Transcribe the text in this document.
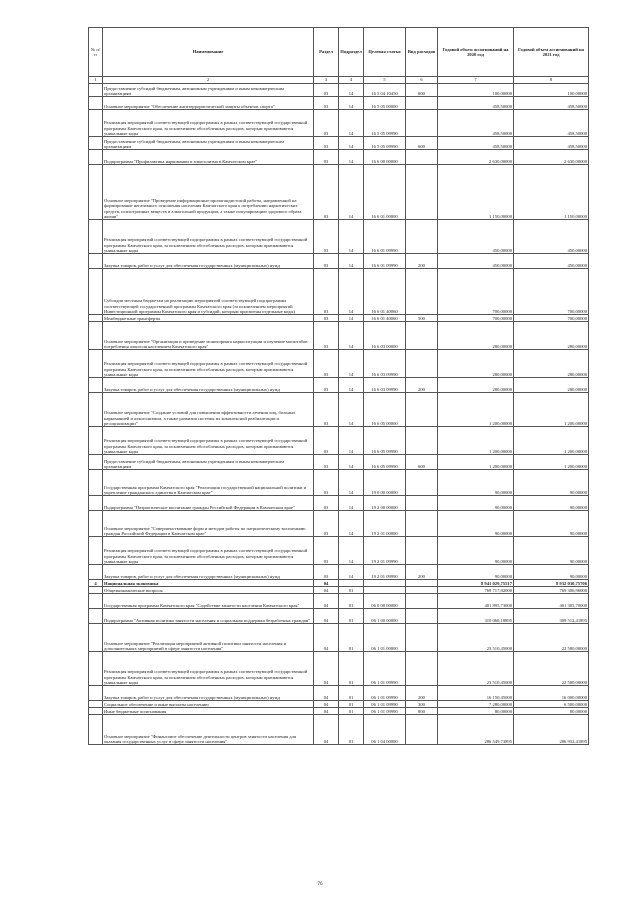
№ п/п	Наименование	Раздел	Подраздел	Целевая статья	Вид расходов	Годовой объем ассигнований на 2020 год	Годовой объем ассигнований на 2021 год
1	2	3	4	5	6	7	8
	Предоставление субсидий бюджетным, автономным учреждениям и иным некоммерческим организациям	03	14	16 5 04 10450	600	100,00000	100,00000
	Основное мероприятие "Обеспечение антитеррористической защиты объектов спорта"	03	14	16 5 05 00000		458,50000	458,50000
	Реализация мероприятий соответствующей подпрограммы в рамках соответствующей государственной программы Камчатского края, за исключением обособленных расходов, которым присваиваются уникальные коды	03	14	16 5 05 09990		458,50000	458,50000
	Предоставление субсидий бюджетным, автономным учреждениям и иным некоммерческим организациям	03	14	16 5 05 09990	600	458,50000	458,50000
	Подпрограмма "Профилактика наркомании и алкоголизма в Камчатском крае"	03	14	16 6 00 00000		2 630,00000	2 630,00000
	Основное мероприятие "Проведение информационно-пропагандистской работы, направленной на формирование негативного отношения населения Камчатского края к потреблению наркотических средств, психотропных веществ и алкогольной продукции, а также популяризацию здорового образа жизни"	03	14	16 6 01 00000		1 150,00000	1 150,00000
	Реализация мероприятий соответствующей подпрограммы в рамках соответствующей государственной программы Камчатского края, за исключением обособленных расходов, которым присваиваются уникальные коды	03	14	16 6 01 09990		450,00000	450,00000
	Закупка товаров, работ и услуг для обеспечения государственных (муниципальных) нужд	03	14	16 6 01 09990	200	450,00000	450,00000
	Субсидии местным бюджетам на реализацию мероприятий соответствующей подпрограммы соответствующей государственной программы Камчатского края (за исключением мероприятий Инвестиционной программы Камчатского края и субсидий, которым присвоены отдельные коды)	03	14	16 6 01 40060		700,00000	700,00000
	Межбюджетные трансферты	03	14	16 6 01 40060	500	700,00000	700,00000
	Основное мероприятие "Организация и проведение мониторинга наркоситуации и изучение масштабов потребления алкоголя населением Камчатского края"	03	14	16 6 03 00000		280,00000	280,00000
	Реализация мероприятий соответствующей подпрограммы в рамках соответствующей государственной программы Камчатского края, за исключением обособленных расходов, которым присваиваются уникальные коды	03	14	16 6 03 09990		280,00000	280,00000
	Закупка товаров, работ и услуг для обеспечения государственных (муниципальных) нужд	03	14	16 6 03 09990	200	280,00000	280,00000
	Основное мероприятие "Создание условий для повышения эффективности лечения лиц, больных наркоманией и алкоголизмом, а также развития системы их комплексной реабилитации и ресоциализации"	03	14	16 6 05 00000		1 200,00000	1 200,00000
	Реализация мероприятий соответствующей подпрограммы в рамках соответствующей государственной программы Камчатского края, за исключением обособленных расходов, которым присваиваются уникальные коды	03	14	16 6 05 09990		1 200,00000	1 200,00000
	Предоставление субсидий бюджетным, автономным учреждениям и иным некоммерческим организациям	03	14	16 6 05 09990	600	1 200,00000	1 200,00000
	Государственная программа Камчатского края "Реализация государственной национальной политики и укрепление гражданского единства в Камчатском крае"	03	14	19 0 00 00000		90,00000	90,00000
	Подпрограмма "Патриотическое воспитание граждан Российской Федерации в Камчатском крае"	03	14	19 2 00 00000		90,00000	90,00000
	Основное мероприятие "Совершенствование форм и методов работы по патриотическому воспитанию граждан Российской Федерации в Камчатском крае"	03	14	19 2 01 00000		90,00000	90,00000
	Реализация мероприятий соответствующей подпрограммы в рамках соответствующей государственной программы Камчатского края, за исключением обособленных расходов, которым присваиваются уникальные коды	03	14	19 2 01 09990		90,00000	90,00000
	Закупка товаров, работ и услуг для обеспечения государственных (муниципальных) нужд	03	14	19 2 01 09990	200	90,00000	90,00000
4	Национальная экономика	04				8 941 029,75517	8 932 030,75706
	Общеэкономические вопросы	04	01			769 717,82000	769 306,96000
	Государственная программа Камчатского края "Содействие занятости населения Камчатского края"	04	01	06 0 00 00000		401 895,73000	401 305,70000
	Подпрограмма "Активная политика занятости населения и социальная поддержка безработных граждан"	04	01	06 1 00 00000		310 060,18895	309 512,41895
	Основное мероприятие "Реализация мероприятий активной политики занятости населения и дополнительных мероприятий в сфере занятости населения"	04	01	06 1 01 00000		23 510,45000	22 580,00000
	Реализация мероприятий соответствующей подпрограммы в рамках соответствующей государственной программы Камчатского края, за исключением обособленных расходов, которым присваиваются уникальные коды	04	01	06 1 01 09990		23 510,45000	22 580,00000
	Закупка товаров, работ и услуг для обеспечения государственных (муниципальных) нужд	04	01	06 1 01 09990	200	16 150,45000	16 000,00000
	Социальное обеспечение и иные выплаты населению	04	01	06 1 01 09990	300	7 280,00000	6 500,00000
	Иные бюджетные ассигнования	04	01	06 1 01 09990	800	80,00000	80,00000
	Основное мероприятие "Финансовое обеспечение деятельности центров занятости населения для оказания государственных услуг в сфере занятости населения"	04	01	06 1 04 00000		286 549,73895	286 932,41895
76
